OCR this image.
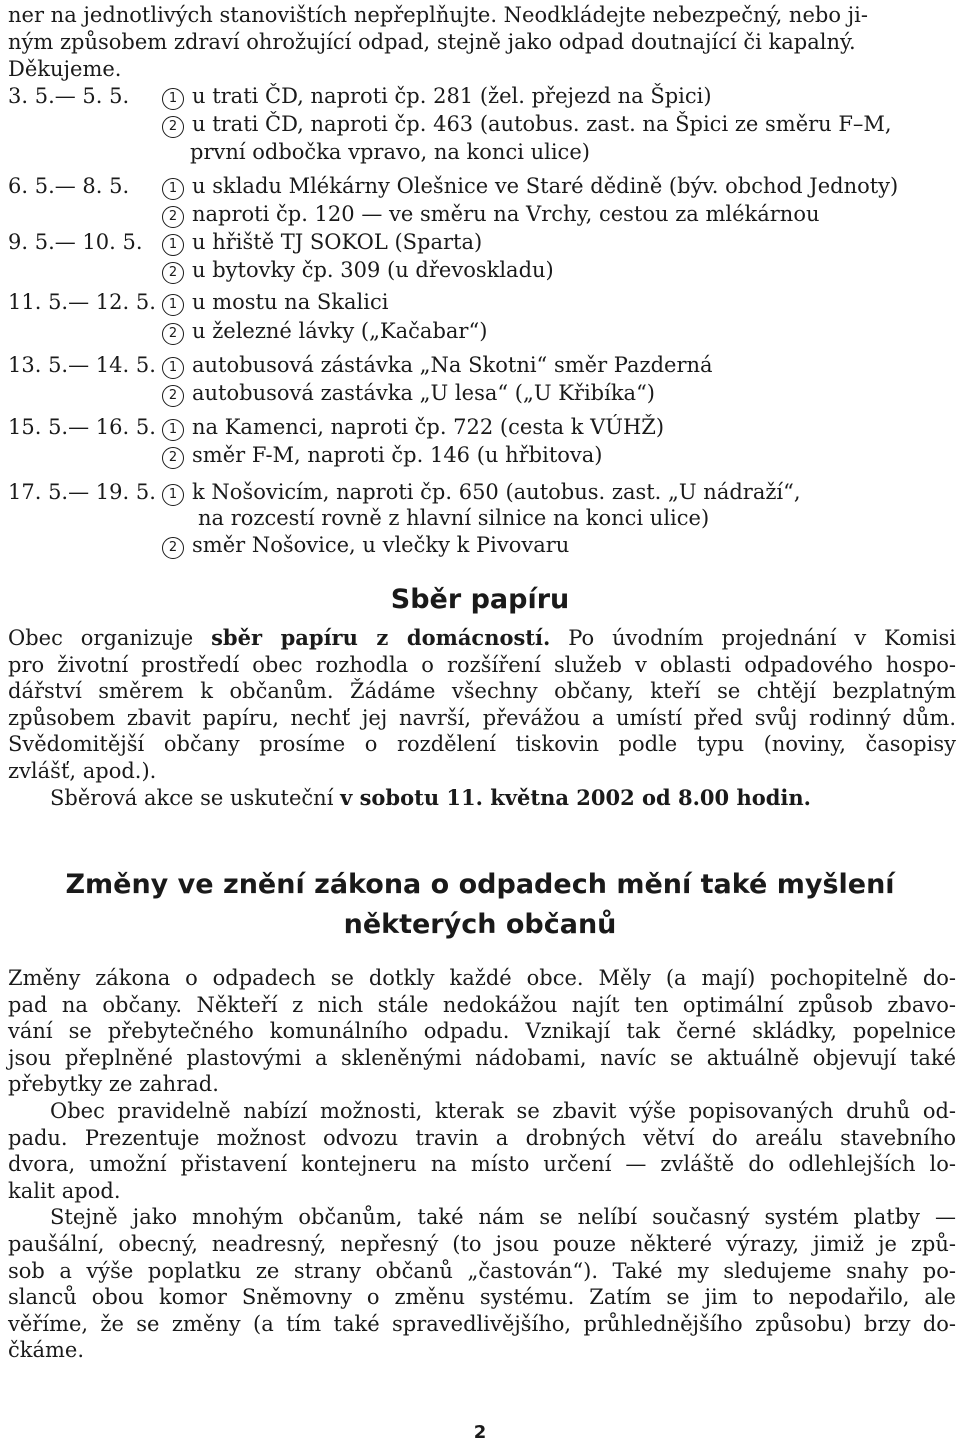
ner na jednotlivých stanovištích nepřeplňujte. Neodkládejte nebezpečný, nebo ji-
ným způsobem zdraví ohrožující odpad, stejně jako odpad doutnající či kapalný.
Děkujeme.
3. 5.— 5. 5.	1 u trati ČD, naproti čp. 281 (žel. přejezd na Špici)
2 u trati ČD, naproti čp. 463 (autobus. zast. na Špici ze směru F–M,
první odbočka vpravo, na konci ulice)
6. 5.— 8. 5.	1 u skladu Mlékárny Olešnice ve Staré dědině (býv. obchod Jednoty)
2 naproti čp. 120 — ve směru na Vrchy, cestou za mlékárnou
9. 5.— 10. 5.	1 u hřiště TJ SOKOL (Sparta)
2 u bytovky čp. 309 (u dřevoskladu)
11. 5.— 12. 5. 1 u mostu na Skalici
2 u železné lávky („Kačabar“)
13. 5.— 14. 5. 1 autobusová zástávka „Na Skotni“ směr Pazderná
2 autobusová zastávka „U lesa“ („U Křibíka“)
15. 5.— 16. 5. 1 na Kamenci, naproti čp. 722 (cesta k VÚHŽ)
2 směr F-M, naproti čp. 146 (u hřbitova)
17. 5.— 19. 5. 1 k Nošovicím, naproti čp. 650 (autobus. zast. „U nádraží“,
na rozcestí rovně z hlavní silnice na konci ulice)
2 směr Nošovice, u vlečky k Pivovaru
Sběr papíru
Obec organizuje sběr papíru z domácností. Po úvodním projednání v Komisi
pro životní prostředí obec rozhodla o rozšíření služeb v oblasti odpadového hospo-
dářství směrem k občanům. Žádáme všechny občany, kteří se chtějí bezplatným
způsobem zbavit papíru, nechť jej navrší, převážou a umístí před svůj rodinný dům.
Svědomitější občany prosíme o rozdělení tiskovin podle typu (noviny, časopisy
zvlášť, apod.).
Sběrová akce se uskuteční v sobotu 11. května 2002 od 8.00 hodin.
Změny ve znění zákona o odpadech mění také myšlení
některých občanů
Změny zákona o odpadech se dotkly každé obce. Měly (a mají) pochopitelně do-
pad na občany. Někteří z nich stále nedokážou najít ten optimální způsob zbavo-
vání se přebytečného komunálního odpadu. Vznikají tak černé skládky, popelnice
jsou přeplněné plastovými a skleněnými nádobami, navíc se aktuálně objevují také
přebytky ze zahrad.
Obec pravidelně nabízí možnosti, kterak se zbavit výše popisovaných druhů od-
padu. Prezentuje možnost odvozu travin a drobných větví do areálu stavebního
dvora, umožní přistavení kontejneru na místo určení — zvláště do odlehlejších lo-
kalit apod.
Stejně jako mnohým občanům, také nám se nelíbí současný systém platby —
paušální, obecný, neadresný, nepřesný (to jsou pouze některé výrazy, jimiž je způ-
sob a výše poplatku ze strany občanů „častován“). Také my sledujeme snahy po-
slanců obou komor Sněmovny o změnu systému. Zatím se jim to nepodařilo, ale
věříme, že se změny (a tím také spravedlivějšího, průhlednějšího způsobu) brzy do-
čkáme.
2
